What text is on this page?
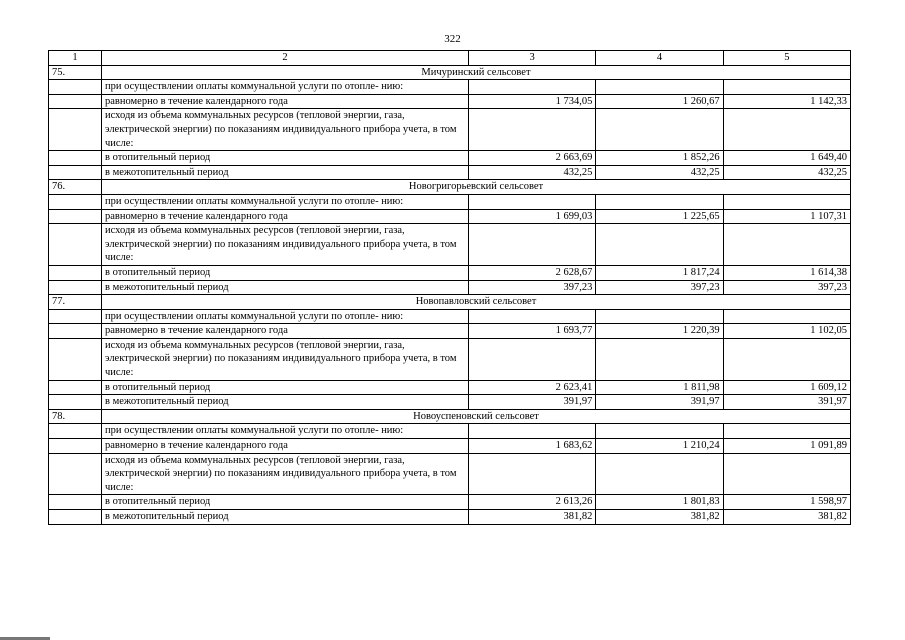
322
1	2	3	4	5
75.	Мичуринский сельсовет			
	при осуществлении оплаты коммунальной услуги по отопле- нию:			
	равномерно в течение календарного года	1 734,05	1 260,67	1 142,33
	исходя из объема коммунальных ресурсов (тепловой энергии, газа, электрической энергии) по показаниям индивидуального прибора учета, в том числе:			
	в отопительный период	2 663,69	1 852,26	1 649,40
	в межотопительный период	432,25	432,25	432,25
76.	Новогригорьевский сельсовет			
	при осуществлении оплаты коммунальной услуги по отопле- нию:			
	равномерно в течение календарного года	1 699,03	1 225,65	1 107,31
	исходя из объема коммунальных ресурсов (тепловой энергии, газа, электрической энергии) по показаниям индивидуального прибора учета, в том числе:			
	в отопительный период	2 628,67	1 817,24	1 614,38
	в межотопительный период	397,23	397,23	397,23
77.	Новопавловский сельсовет			
	при осуществлении оплаты коммунальной услуги по отопле- нию:			
	равномерно в течение календарного года	1 693,77	1 220,39	1 102,05
	исходя из объема коммунальных ресурсов (тепловой энергии, газа, электрической энергии) по показаниям индивидуального прибора учета, в том числе:			
	в отопительный период	2 623,41	1 811,98	1 609,12
	в межотопительный период	391,97	391,97	391,97
78.	Новоуспеновский сельсовет			
	при осуществлении оплаты коммунальной услуги по отопле- нию:			
	равномерно в течение календарного года	1 683,62	1 210,24	1 091,89
	исходя из объема коммунальных ресурсов (тепловой энергии, газа, электрической энергии) по показаниям индивидуального прибора учета, в том числе:			
	в отопительный период	2 613,26	1 801,83	1 598,97
	в межотопительный период	381,82	381,82	381,82
